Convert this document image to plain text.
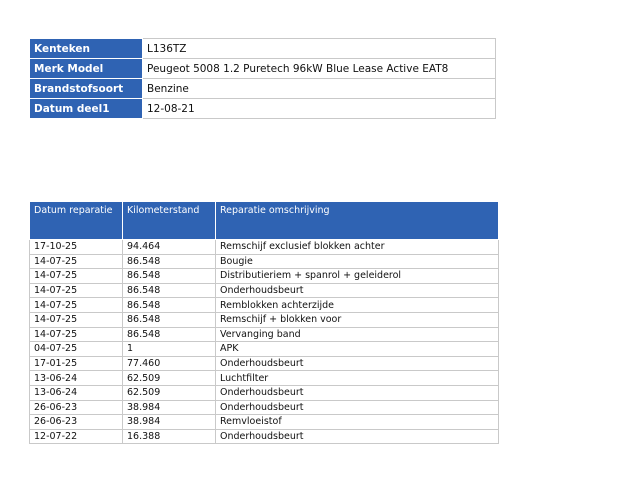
Kenteken	L136TZ
Merk Model	Peugeot 5008 1.2 Puretech 96kW Blue Lease Active EAT8
Brandstofsoort	Benzine
Datum deel1	12-08-21
Datum reparatie	Kilometerstand	Reparatie omschrijving
17-10-25	94.464	Remschijf exclusief blokken achter
14-07-25	86.548	Bougie
14-07-25	86.548	Distributieriem + spanrol + geleiderol
14-07-25	86.548	Onderhoudsbeurt
14-07-25	86.548	Remblokken achterzijde
14-07-25	86.548	Remschijf + blokken voor
14-07-25	86.548	Vervanging band
04-07-25	1	APK
17-01-25	77.460	Onderhoudsbeurt
13-06-24	62.509	Luchtfilter
13-06-24	62.509	Onderhoudsbeurt
26-06-23	38.984	Onderhoudsbeurt
26-06-23	38.984	Remvloeistof
12-07-22	16.388	Onderhoudsbeurt
